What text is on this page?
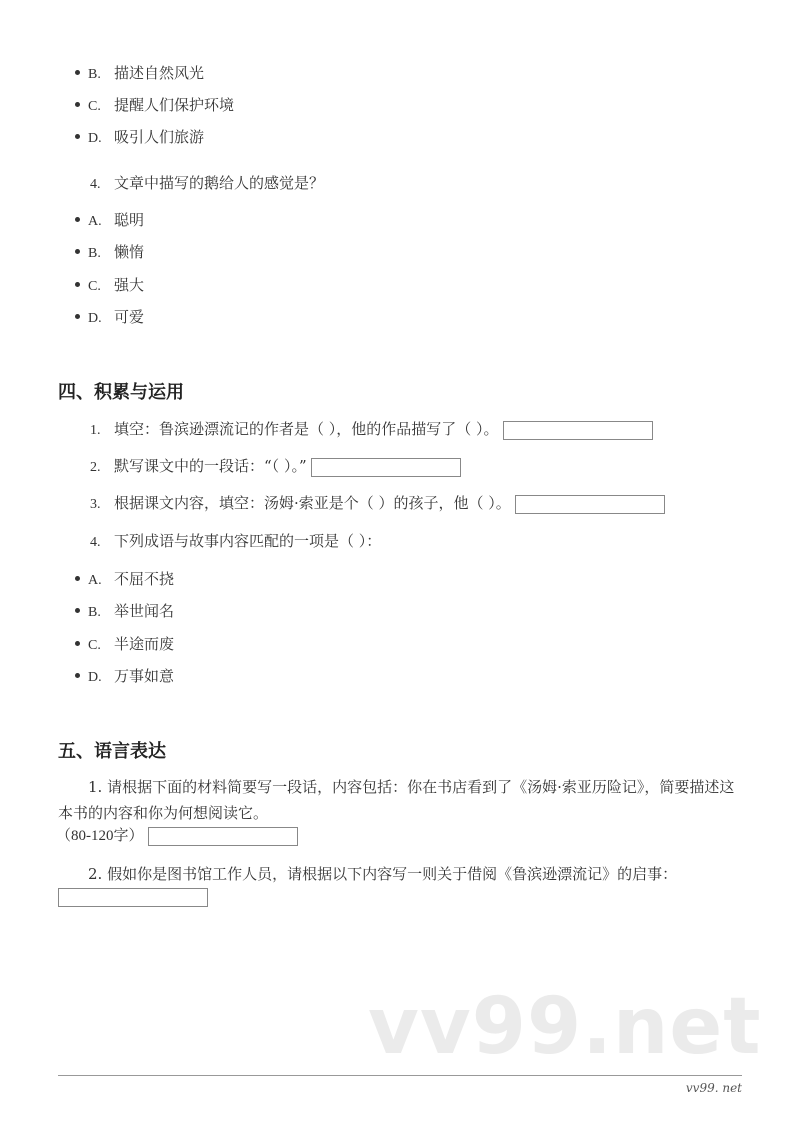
B. 描述自然风光
C. 提醒人们保护环境
D. 吸引人们旅游
4. 文章中描写的鹅给人的感觉是？
A. 聪明
B. 懒惰
C. 强大
D. 可爱
四、积累与运用
1. 填空：鲁滨逊漂流记的作者是（ ），他的作品描写了（ ）。
2. 默写课文中的一段话：“（ ）。”
3. 根据课文内容，填空：汤姆·索亚是个（ ）的孩子，他（ ）。
4. 下列成语与故事内容匹配的一项是（ ）：
A. 不屈不挠
B. 举世闻名
C. 半途而废
D. 万事如意
五、语言表达
1. 请根据下面的材料简要写一段话，内容包括：你在书店看到了《汤姆·索亚历险记》，简要描述这本书的内容和你为何想阅读它。
（80-120字）
2. 假如你是图书馆工作人员，请根据以下内容写一则关于借阅《鲁滨逊漂流记》的启事：
vv99.net
vv99. net
